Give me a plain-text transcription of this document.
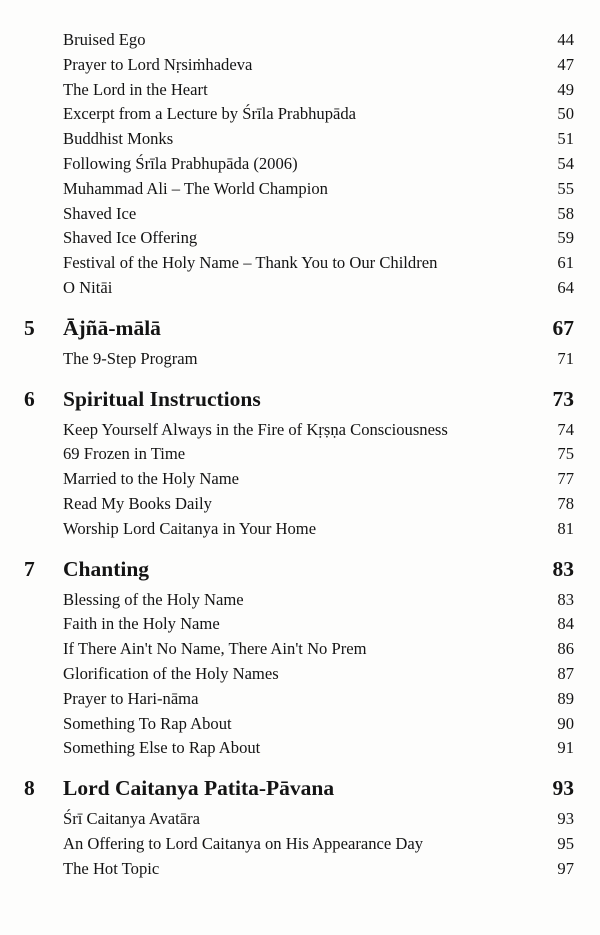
Bruised Ego	44
Prayer to Lord Nṛsiṁhadeva	47
The Lord in the Heart	49
Excerpt from a Lecture by Śrīla Prabhupāda	50
Buddhist Monks	51
Following Śrīla Prabhupāda (2006)	54
Muhammad Ali – The World Champion	55
Shaved Ice	58
Shaved Ice Offering	59
Festival of the Holy Name – Thank You to Our Children	61
O Nitāi	64
5 Ājñā-mālā	67
The 9-Step Program	71
6 Spiritual Instructions	73
Keep Yourself Always in the Fire of Kṛṣṇa Consciousness	74
69 Frozen in Time	75
Married to the Holy Name	77
Read My Books Daily	78
Worship Lord Caitanya in Your Home	81
7 Chanting	83
Blessing of the Holy Name	83
Faith in the Holy Name	84
If There Ain't No Name, There Ain't No Prem	86
Glorification of the Holy Names	87
Prayer to Hari-nāma	89
Something To Rap About	90
Something Else to Rap About	91
8 Lord Caitanya Patita-Pāvana	93
Śrī Caitanya Avatāra	93
An Offering to Lord Caitanya on His Appearance Day	95
The Hot Topic	97
